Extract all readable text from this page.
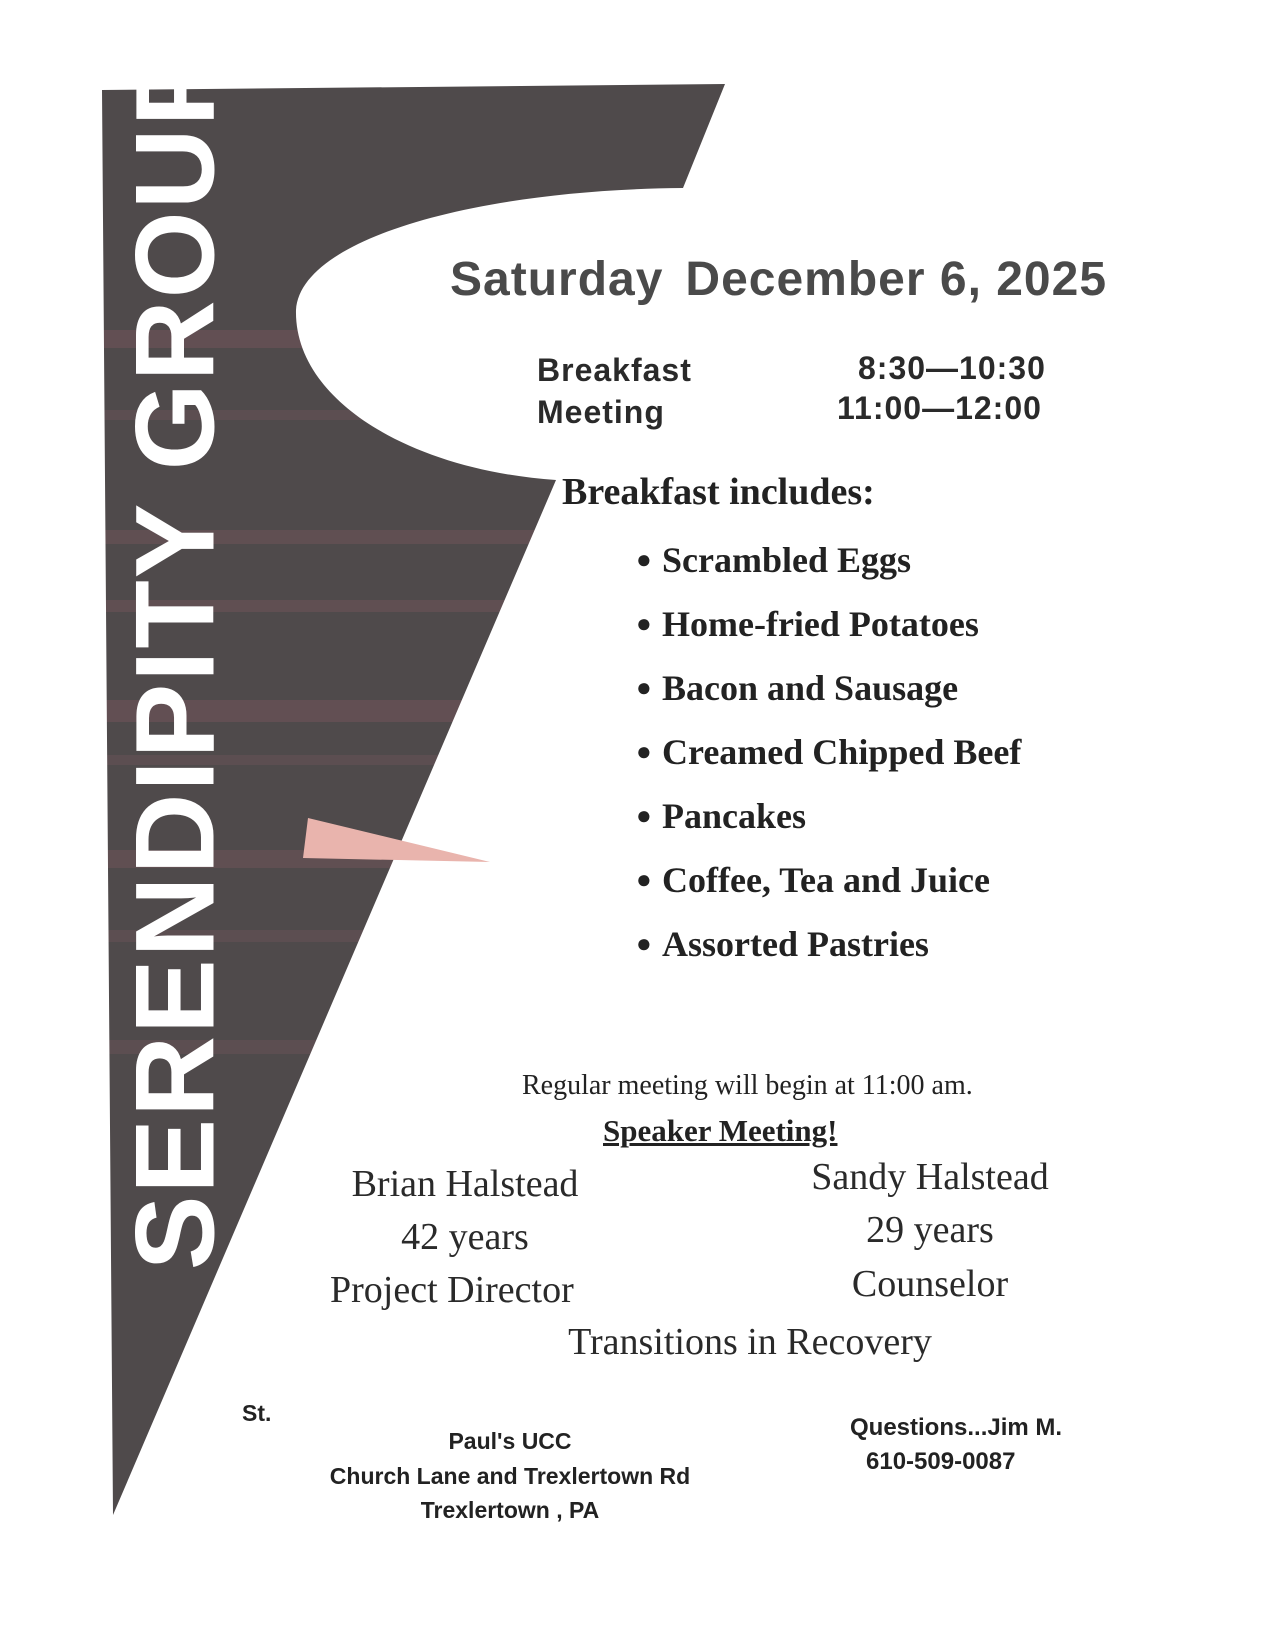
SERENDIPITY GROUP	Saturday December 6, 2025
Breakfast	8:30—10:30
Meeting	11:00—12:00
Breakfast includes:
● Scrambled Eggs
● Home-fried Potatoes
● Bacon and Sausage
● Creamed Chipped Beef
● Pancakes
● Coffee, Tea and Juice
● Assorted Pastries
Regular meeting will begin at 11:00 am.
Speaker Meeting!
Brian Halstead
42 years
Project Director
Sandy Halstead
29 years
Counselor
Transitions in Recovery
St.
Paul's UCC
Church Lane and Trexlertown Rd
Trexlertown , PA
Questions...Jim M.
610-509-0087
